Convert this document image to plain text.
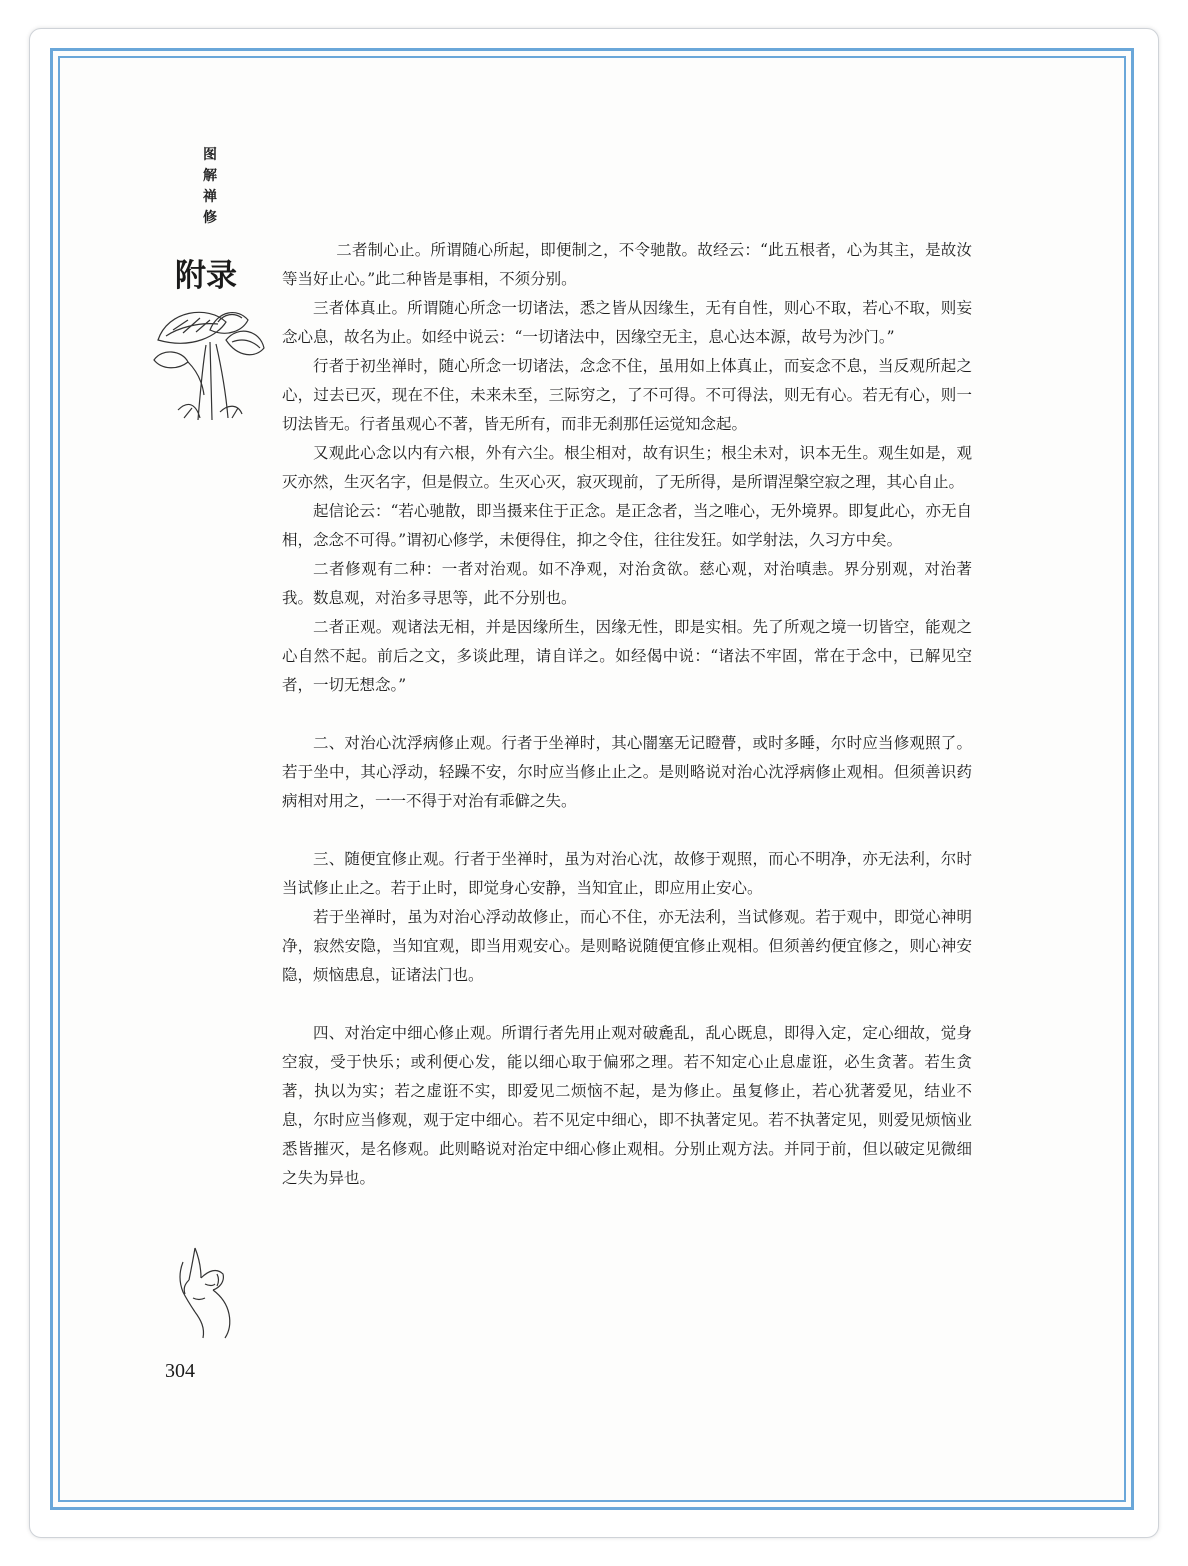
图
解
禅
修
附录

二者制心止。所谓随心所起，即便制之，不令驰散。故经云：“此五根者，心为其主，是故汝等当好止心。”此二种皆是事相，不须分别。

三者体真止。所谓随心所念一切诸法，悉之皆从因缘生，无有自性，则心不取，若心不取，则妄念心息，故名为止。如经中说云：“一切诸法中，因缘空无主，息心达本源，故号为沙门。”

行者于初坐禅时，随心所念一切诸法，念念不住，虽用如上体真止，而妄念不息，当反观所起之心，过去已灭，现在不住，未来未至，三际穷之，了不可得。不可得法，则无有心。若无有心，则一切法皆无。行者虽观心不著，皆无所有，而非无刹那任运觉知念起。

又观此心念以内有六根，外有六尘。根尘相对，故有识生；根尘未对，识本无生。观生如是，观灭亦然，生灭名字，但是假立。生灭心灭，寂灭现前，了无所得，是所谓涅槃空寂之理，其心自止。

起信论云：“若心驰散，即当摄来住于正念。是正念者，当之唯心，无外境界。即复此心，亦无自相，念念不可得。”谓初心修学，未便得住，抑之令住，往往发狂。如学射法，久习方中矣。

二者修观有二种：一者对治观。如不净观，对治贪欲。慈心观，对治嗔恚。界分别观，对治著我。数息观，对治多寻思等，此不分别也。

二者正观。观诸法无相，并是因缘所生，因缘无性，即是实相。先了所观之境一切皆空，能观之心自然不起。前后之文，多谈此理，请自详之。如经偈中说：“诸法不牢固，常在于念中，已解见空者，一切无想念。”

二、对治心沈浮病修止观。行者于坐禅时，其心闇塞无记瞪瞢，或时多睡，尔时应当修观照了。若于坐中，其心浮动，轻躁不安，尔时应当修止止之。是则略说对治心沈浮病修止观相。但须善识药病相对用之，一一不得于对治有乖僻之失。

三、随便宜修止观。行者于坐禅时，虽为对治心沈，故修于观照，而心不明净，亦无法利，尔时当试修止止之。若于止时，即觉身心安静，当知宜止，即应用止安心。

若于坐禅时，虽为对治心浮动故修止，而心不住，亦无法利，当试修观。若于观中，即觉心神明净，寂然安隐，当知宜观，即当用观安心。是则略说随便宜修止观相。但须善约便宜修之，则心神安隐，烦恼患息，证诸法门也。

四、对治定中细心修止观。所谓行者先用止观对破麁乱，乱心既息，即得入定，定心细故，觉身空寂，受于快乐；或利便心发，能以细心取于偏邪之理。若不知定心止息虚诳，必生贪著。若生贪著，执以为实；若之虚诳不实，即爱见二烦恼不起，是为修止。虽复修止，若心犹著爱见，结业不息，尔时应当修观，观于定中细心。若不见定中细心，即不执著定见。若不执著定见，则爱见烦恼业悉皆摧灭，是名修观。此则略说对治定中细心修止观相。分别止观方法。并同于前，但以破定见微细之失为异也。

304
